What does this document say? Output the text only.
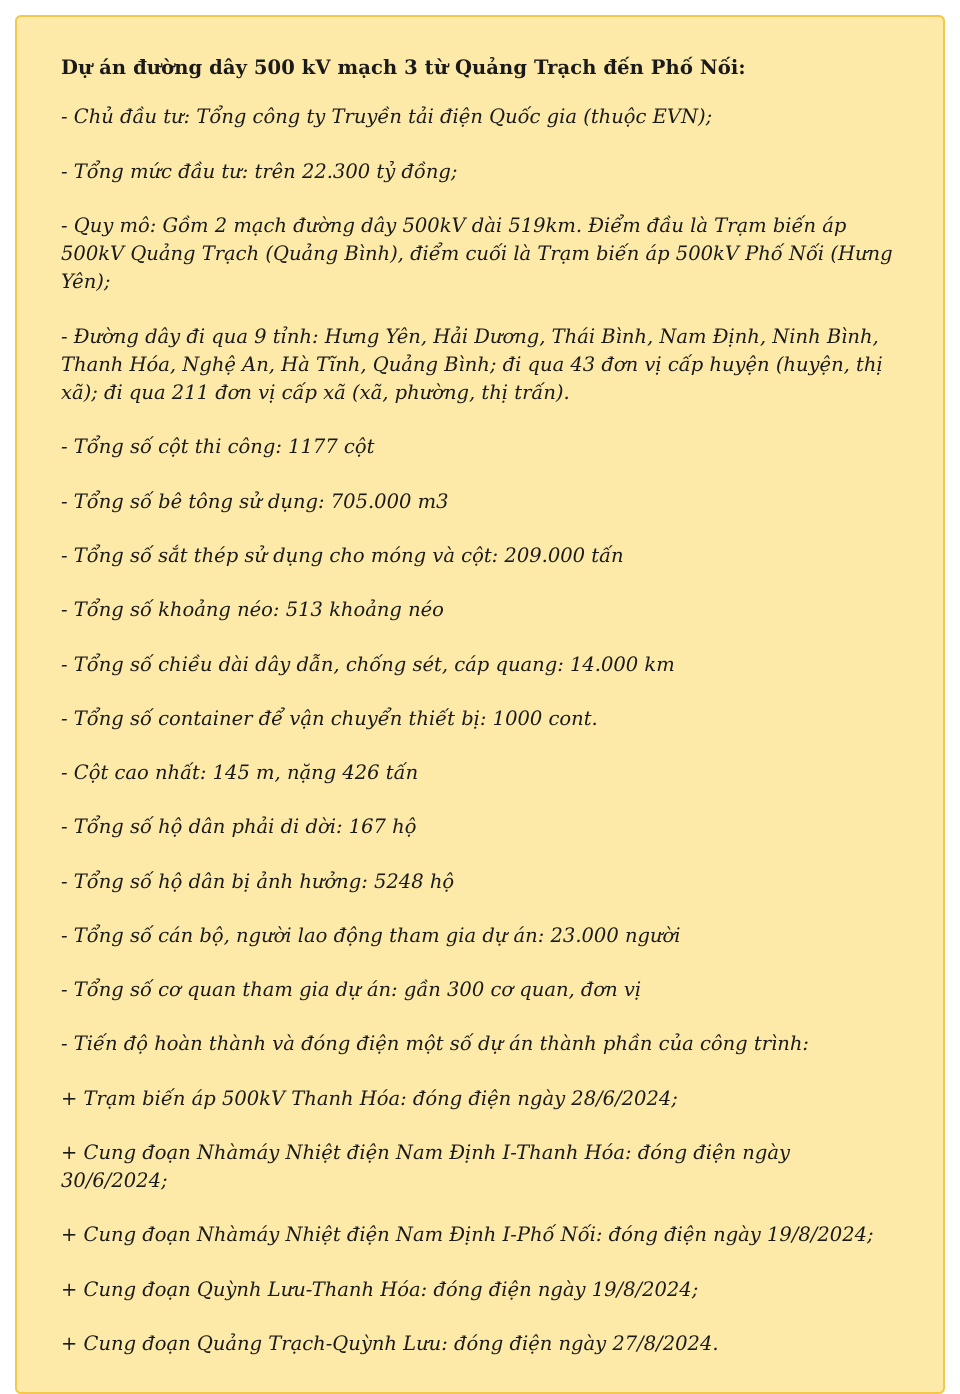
Dự án đường dây 500 kV mạch 3 từ Quảng Trạch đến Phố Nối:

- Chủ đầu tư: Tổng công ty Truyền tải điện Quốc gia (thuộc EVN);

- Tổng mức đầu tư: trên 22.300 tỷ đồng;

- Quy mô: Gồm 2 mạch đường dây 500kV dài 519km. Điểm đầu là Trạm biến áp 500kV Quảng Trạch (Quảng Bình), điểm cuối là Trạm biến áp 500kV Phố Nối (Hưng Yên);

- Đường dây đi qua 9 tỉnh: Hưng Yên, Hải Dương, Thái Bình, Nam Định, Ninh Bình, Thanh Hóa, Nghệ An, Hà Tĩnh, Quảng Bình; đi qua 43 đơn vị cấp huyện (huyện, thị xã); đi qua 211 đơn vị cấp xã (xã, phường, thị trấn).

- Tổng số cột thi công: 1177 cột

- Tổng số bê tông sử dụng: 705.000 m3

- Tổng số sắt thép sử dụng cho móng và cột: 209.000 tấn

- Tổng số khoảng néo: 513 khoảng néo

- Tổng số chiều dài dây dẫn, chống sét, cáp quang: 14.000 km

- Tổng số container để vận chuyển thiết bị: 1000 cont.

- Cột cao nhất: 145 m, nặng 426 tấn

- Tổng số hộ dân phải di dời: 167 hộ

- Tổng số hộ dân bị ảnh hưởng: 5248 hộ

- Tổng số cán bộ, người lao động tham gia dự án: 23.000 người

- Tổng số cơ quan tham gia dự án: gần 300 cơ quan, đơn vị

- Tiến độ hoàn thành và đóng điện một số dự án thành phần của công trình:

+ Trạm biến áp 500kV Thanh Hóa: đóng điện ngày 28/6/2024;

+ Cung đoạn Nhàmáy Nhiệt điện Nam Định I-Thanh Hóa: đóng điện ngày 30/6/2024;

+ Cung đoạn Nhàmáy Nhiệt điện Nam Định I-Phố Nối: đóng điện ngày 19/8/2024;

+ Cung đoạn Quỳnh Lưu-Thanh Hóa: đóng điện ngày 19/8/2024;

+ Cung đoạn Quảng Trạch-Quỳnh Lưu: đóng điện ngày 27/8/2024.
